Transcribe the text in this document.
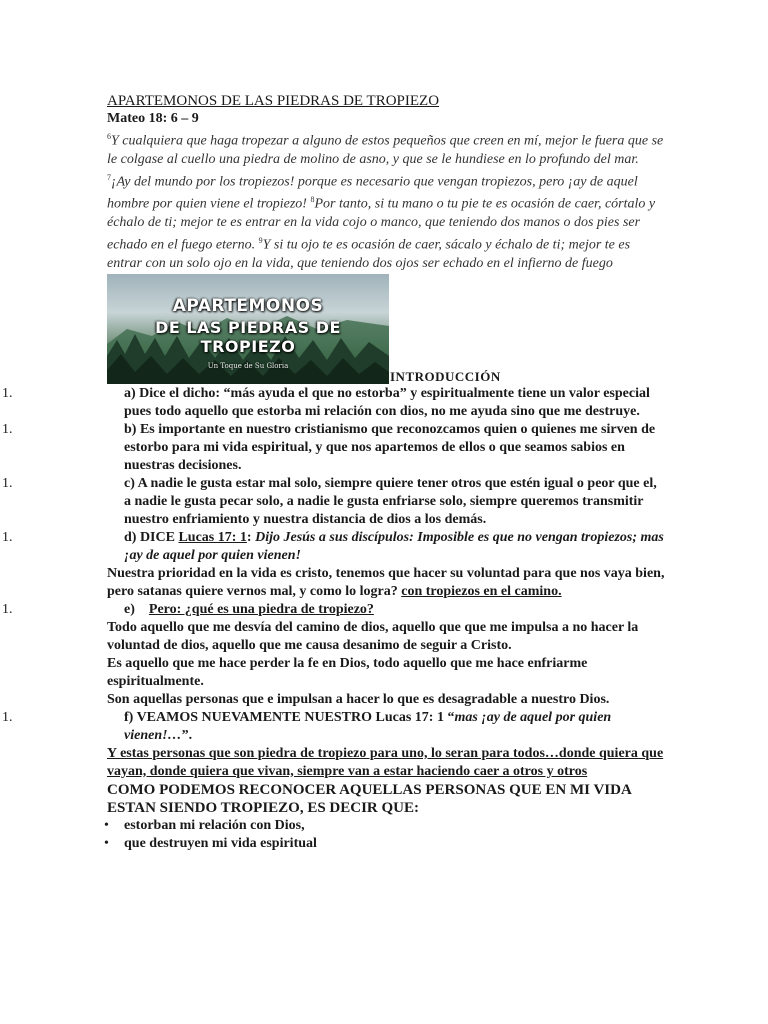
APARTEMONOS DE LAS PIEDRAS DE TROPIEZO

Mateo 18: 6 – 9

$^6$Y cualquiera que haga tropezar a alguno de estos pequeños que creen en mí, mejor le fuera que se le colgase al cuello una piedra de molino de asno, y que se le hundiese en lo profundo del mar.

$^7$¡Ay del mundo por los tropiezos! porque es necesario que vengan tropiezos, pero ¡ay de aquel hombre por quien viene el tropiezo! $^8$Por tanto, si tu mano o tu pie te es ocasión de caer, córtalo y échalo de ti; mejor te es entrar en la vida cojo o manco, que teniendo dos manos o dos pies ser echado en el fuego eterno. $^9$Y si tu ojo te es ocasión de caer, sácalo y échalo de ti; mejor te es entrar con un solo ojo en la vida, que teniendo dos ojos ser echado en el infierno de fuego

APARTEMONOS
DE LAS PIEDRAS DE TROPIEZO
Un Toque de Su Gloria
INTRODUCCIÓN

1.	a) Dice el dicho: “más ayuda el que no estorba” y espiritualmente tiene un valor especial pues todo aquello que estorba mi relación con dios, no me ayuda sino que me destruye.

1.	b) Es importante en nuestro cristianismo que reconozcamos quien o quienes me sirven de estorbo para mi vida espiritual, y que nos apartemos de ellos o que seamos sabios en nuestras decisiones.

1.	c) A nadie le gusta estar mal solo, siempre quiere tener otros que estén igual o peor que el, a nadie le gusta pecar solo, a nadie le gusta enfriarse solo, siempre queremos transmitir nuestro enfriamiento y nuestra distancia de dios a los demás.

1.	d) DICE Lucas 17: 1: Dijo Jesús a sus discípulos: Imposible es que no vengan tropiezos; mas ¡ay de aquel por quien vienen!

Nuestra prioridad en la vida es cristo, tenemos que hacer su voluntad para que nos vaya bien, pero satanas quiere vernos mal, y como lo logra? con tropiezos en el camino.

1.	e) Pero: ¿qué es una piedra de tropiezo?

Todo aquello que me desvía del camino de dios, aquello que que me impulsa a no hacer la voluntad de dios, aquello que me causa desanimo de seguir a Cristo.

Es aquello que me hace perder la fe en Dios, todo aquello que me hace enfriarme espiritualmente.

Son aquellas personas que e impulsan a hacer lo que es desagradable a nuestro Dios.

1.	f) VEAMOS NUEVAMENTE NUESTRO Lucas 17: 1 “mas ¡ay de aquel por quien vienen!…”.

Y estas personas que son piedra de tropiezo para uno, lo seran para todos…donde quiera que vayan, donde quiera que vivan, siempre van a estar haciendo caer a otros y otros

COMO PODEMOS RECONOCER AQUELLAS PERSONAS QUE EN MI VIDA ESTAN SIENDO TROPIEZO, ES DECIR QUE:

• estorban mi relación con Dios,

• que destruyen mi vida espiritual
